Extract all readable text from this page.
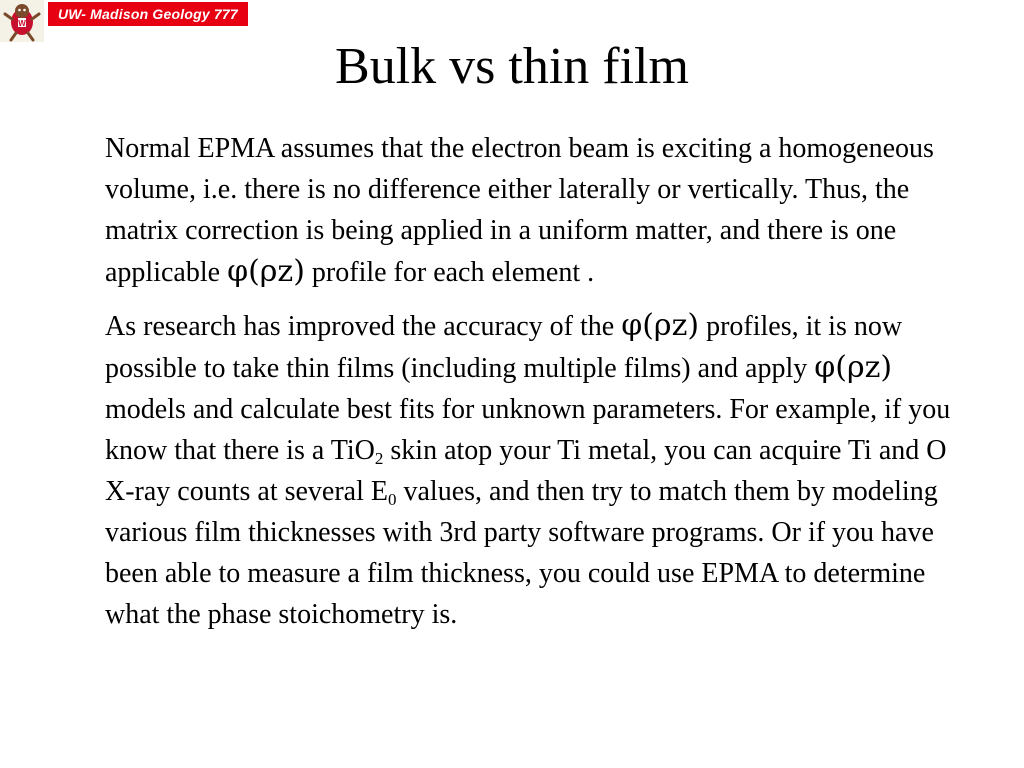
W
UW- Madison Geology 777
Bulk vs thin film

Normal EPMA assumes that the electron beam is exciting a homogeneous volume, i.e. there is no difference either laterally or vertically. Thus, the matrix correction is being applied in a uniform matter, and there is one applicable φ(ρz) profile for each element .

As research has improved the accuracy of the φ(ρz) profiles, it is now possible to take thin films (including multiple films) and apply φ(ρz) models and calculate best fits for unknown parameters. For example, if you know that there is a TiO$_2$ skin atop your Ti metal, you can acquire Ti and O X-ray counts at several $E_0$ values, and then try to match them by modeling various film thicknesses with 3rd party software programs. Or if you have been able to measure a film thickness, you could use EPMA to determine what the phase stoichometry is.
